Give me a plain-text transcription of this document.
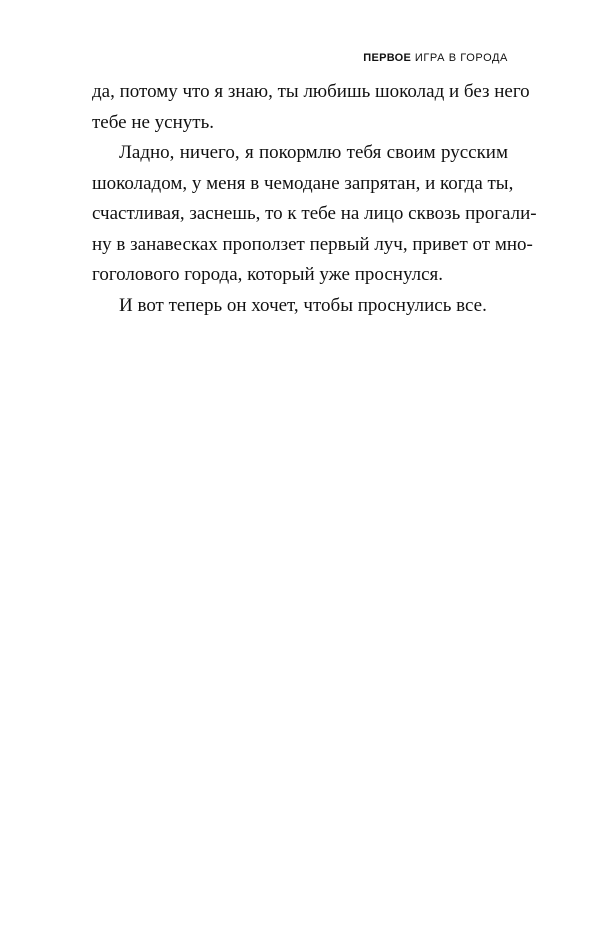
ПЕРВОЕ ИГРА В ГОРОДА

да, потому что я знаю, ты любишь шоколад и без него
тебе не уснуть.

Ладно, ничего, я покормлю тебя своим русским
шоколадом, у меня в чемодане запрятан, и когда ты,
счастливая, заснешь, то к тебе на лицо сквозь прогали-
ну в занавесках проползет первый луч, привет от мно-
гоголового города, который уже проснулся.

И вот теперь он хочет, чтобы проснулись все.
